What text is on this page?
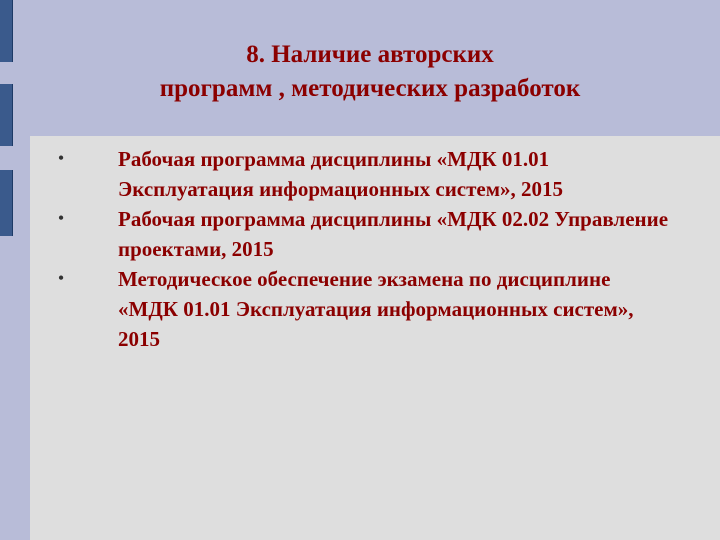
8. Наличие авторских
программ , методических разработок
•	Рабочая программа дисциплины «МДК 01.01 Эксплуатация информационных систем», 2015
•	Рабочая программа дисциплины «МДК 02.02 Управление проектами, 2015
•	Методическое обеспечение экзамена по дисциплине «МДК 01.01 Эксплуатация информационных систем», 2015
